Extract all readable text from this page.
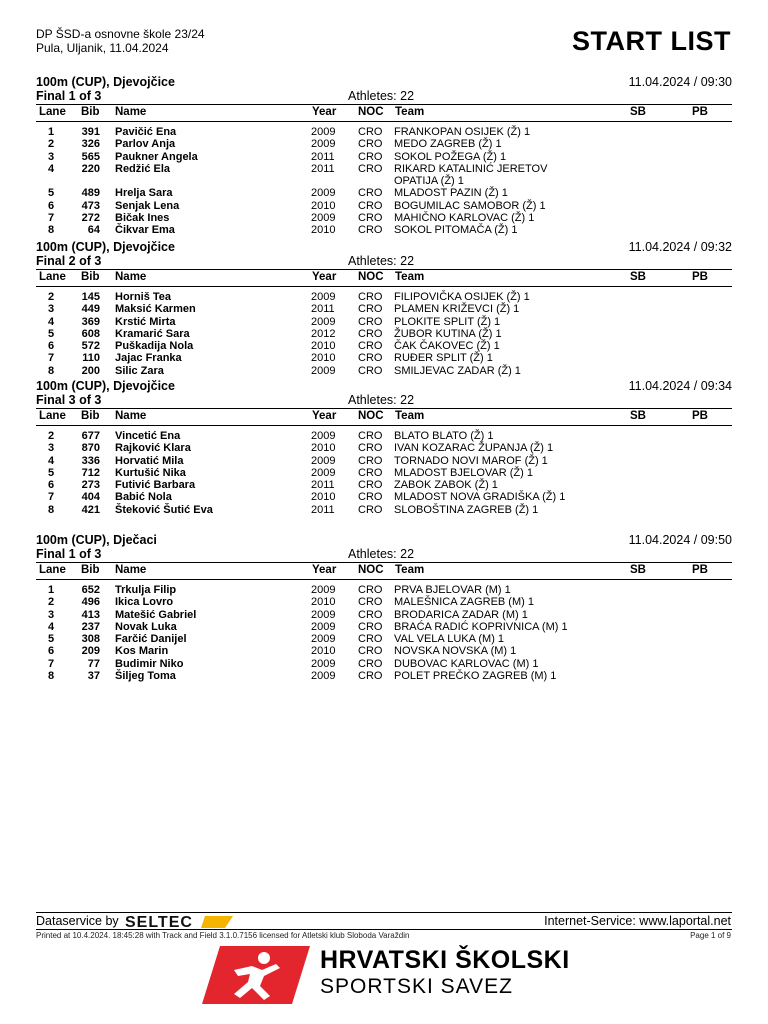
DP ŠSD-a osnovne škole 23/24
Pula, Uljanik, 11.04.2024	START LIST
100m (CUP), Djevojčice	11.04.2024 / 09:30
Final 1 of 3	Athletes: 22
Lane Bib Name	Year NOC Team	SB	PB
1	391 Pavičić Ena	2009 CRO FRANKOPAN OSIJEK (Ž) 1
2	326 Parlov Anja	2009 CRO MEDO ZAGREB (Ž) 1
3	565 Paukner Angela	2011 CRO SOKOL POŽEGA (Ž) 1
4	220 Redžić Ela	2011 CRO RIKARD KATALINIĆ JERETOV
OPATIJA (Ž) 1
5	489 Hrelja Sara	2009 CRO MLADOST PAZIN (Ž) 1
6	473 Senjak Lena	2010 CRO BOGUMILAC SAMOBOR (Ž) 1
7	272 Bičak Ines	2009 CRO MAHIČNO KARLOVAC (Ž) 1
8	64 Čikvar Ema	2010 CRO SOKOL PITOMAČA (Ž) 1
100m (CUP), Djevojčice	11.04.2024 / 09:32
Final 2 of 3	Athletes: 22
Lane Bib Name	Year NOC Team	SB	PB
2	145 Horniš Tea	2009 CRO FILIPOVIČKA OSIJEK (Ž) 1
3	449 Maksić Karmen	2011 CRO PLAMEN KRIŽEVCI (Ž) 1
4	369 Krstić Mirta	2009 CRO PLOKITE SPLIT (Ž) 1
5	608 Kramarić Sara	2012 CRO ŽUBOR KUTINA (Ž) 1
6	572 Puškadija Nola	2010 CRO ČAK ČAKOVEC (Ž) 1
7	110 Jajac Franka	2010 CRO RUĐER SPLIT (Ž) 1
8	200 Silic Zara	2009 CRO SMILJEVAC ZADAR (Ž) 1
100m (CUP), Djevojčice	11.04.2024 / 09:34
Final 3 of 3	Athletes: 22
Lane Bib Name	Year NOC Team	SB	PB
2	677 Vincetić Ena	2009 CRO BLATO BLATO (Ž) 1
3	870 Rajković Klara	2010 CRO IVAN KOZARAC ŽUPANJA (Ž) 1
4	336 Horvatić Mila	2009 CRO TORNADO NOVI MAROF (Ž) 1
5	712 Kurtušić Nika	2009 CRO MLADOST BJELOVAR (Ž) 1
6	273 Futivić Barbara	2011 CRO ZABOK ZABOK (Ž) 1
7	404 Babić Nola	2010 CRO MLADOST NOVA GRADIŠKA (Ž) 1
8	421 Šteković Šutić Eva	2011 CRO SLOBOŠTINA ZAGREB (Ž) 1
100m (CUP), Dječaci	11.04.2024 / 09:50
Final 1 of 3	Athletes: 22
Lane Bib Name	Year NOC Team	SB	PB
1	652 Trkulja Filip	2009 CRO PRVA BJELOVAR (M) 1
2	496 Ikica Lovro	2010 CRO MALEŠNICA ZAGREB (M) 1
3	413 Matešić Gabriel	2009 CRO BRODARICA ZADAR (M) 1
4	237 Novak Luka	2009 CRO BRAĆA RADIĆ KOPRIVNICA (M) 1
5	308 Farčić Danijel	2009 CRO VAL VELA LUKA (M) 1
6	209 Kos Marin	2010 CRO NOVSKA NOVSKA (M) 1
7	77 Budimir Niko	2009 CRO DUBOVAC KARLOVAC (M) 1
8	37 Šiljeg Toma	2009 CRO POLET PREČKO ZAGREB (M) 1
Dataservice by SELTEC	Internet-Service: www.laportal.net
Printed at 10.4.2024. 18:45:28 with Track and Field 3.1.0.7156 licensed for Atletski klub Sloboda Varaždin	Page 1 of 9
HRVATSKI ŠKOLSKI
SPORTSKI SAVEZ
